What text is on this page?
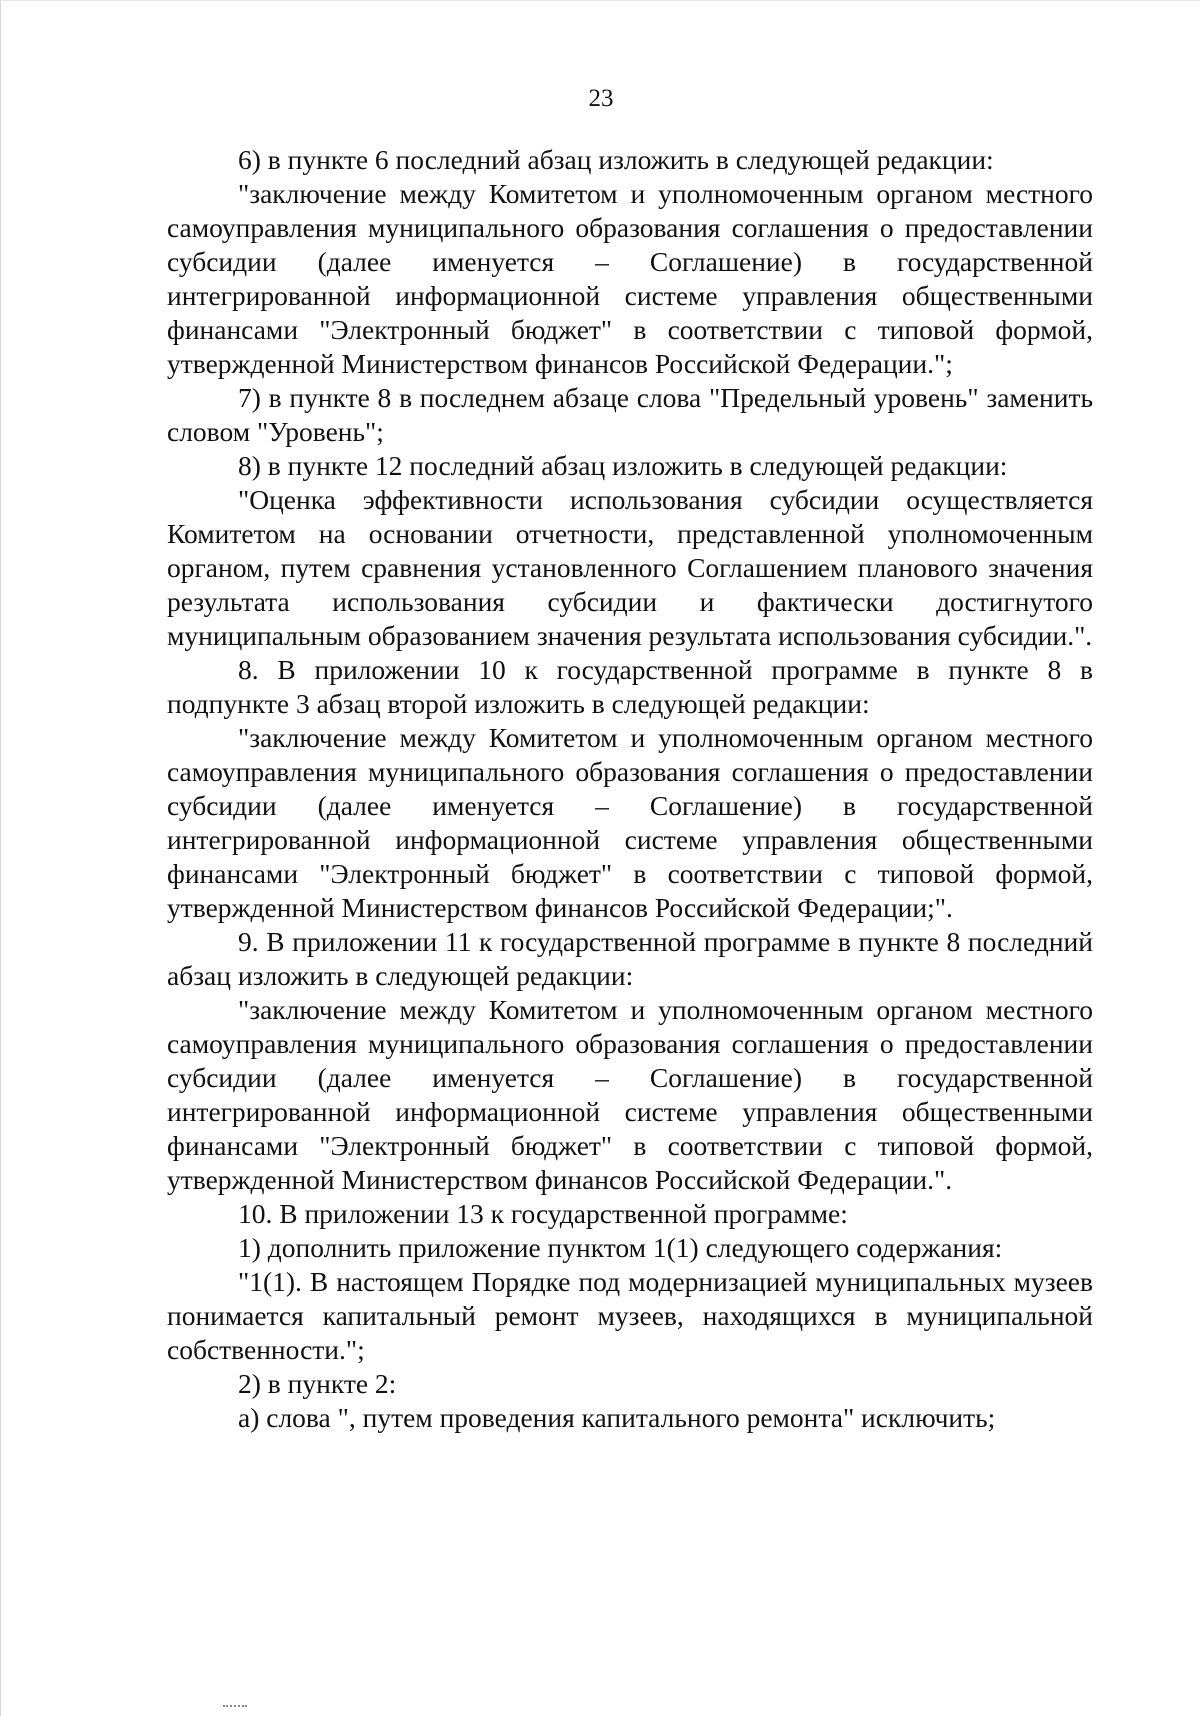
23

6) в пункте 6 последний абзац изложить в следующей редакции:

"заключение между Комитетом и уполномоченным органом местного самоуправления муниципального образования соглашения о предоставлении субсидии (далее именуется – Соглашение) в государственной интегрированной информационной системе управления общественными финансами "Электронный бюджет" в соответствии с типовой формой, утвержденной Министерством финансов Российской Федерации.";

7) в пункте 8 в последнем абзаце слова "Предельный уровень" заменить словом "Уровень";

8) в пункте 12 последний абзац изложить в следующей редакции:

"Оценка эффективности использования субсидии осуществляется Комитетом на основании отчетности, представленной уполномоченным органом, путем сравнения установленного Соглашением планового значения результата использования субсидии и фактически достигнутого муниципальным образованием значения результата использования субсидии.".

8. В приложении 10 к государственной программе в пункте 8 в подпункте 3 абзац второй изложить в следующей редакции:

"заключение между Комитетом и уполномоченным органом местного самоуправления муниципального образования соглашения о предоставлении субсидии (далее именуется – Соглашение) в государственной интегрированной информационной системе управления общественными финансами "Электронный бюджет" в соответствии с типовой формой, утвержденной Министерством финансов Российской Федерации;".

9. В приложении 11 к государственной программе в пункте 8 последний абзац изложить в следующей редакции:

"заключение между Комитетом и уполномоченным органом местного самоуправления муниципального образования соглашения о предоставлении субсидии (далее именуется – Соглашение) в государственной интегрированной информационной системе управления общественными финансами "Электронный бюджет" в соответствии с типовой формой, утвержденной Министерством финансов Российской Федерации.".

10. В приложении 13 к государственной программе:

1) дополнить приложение пунктом 1(1) следующего содержания:

"1(1). В настоящем Порядке под модернизацией муниципальных музеев понимается капитальный ремонт музеев, находящихся в муниципальной собственности.";

2) в пункте 2:

а) слова ", путем проведения капитального ремонта" исключить;
